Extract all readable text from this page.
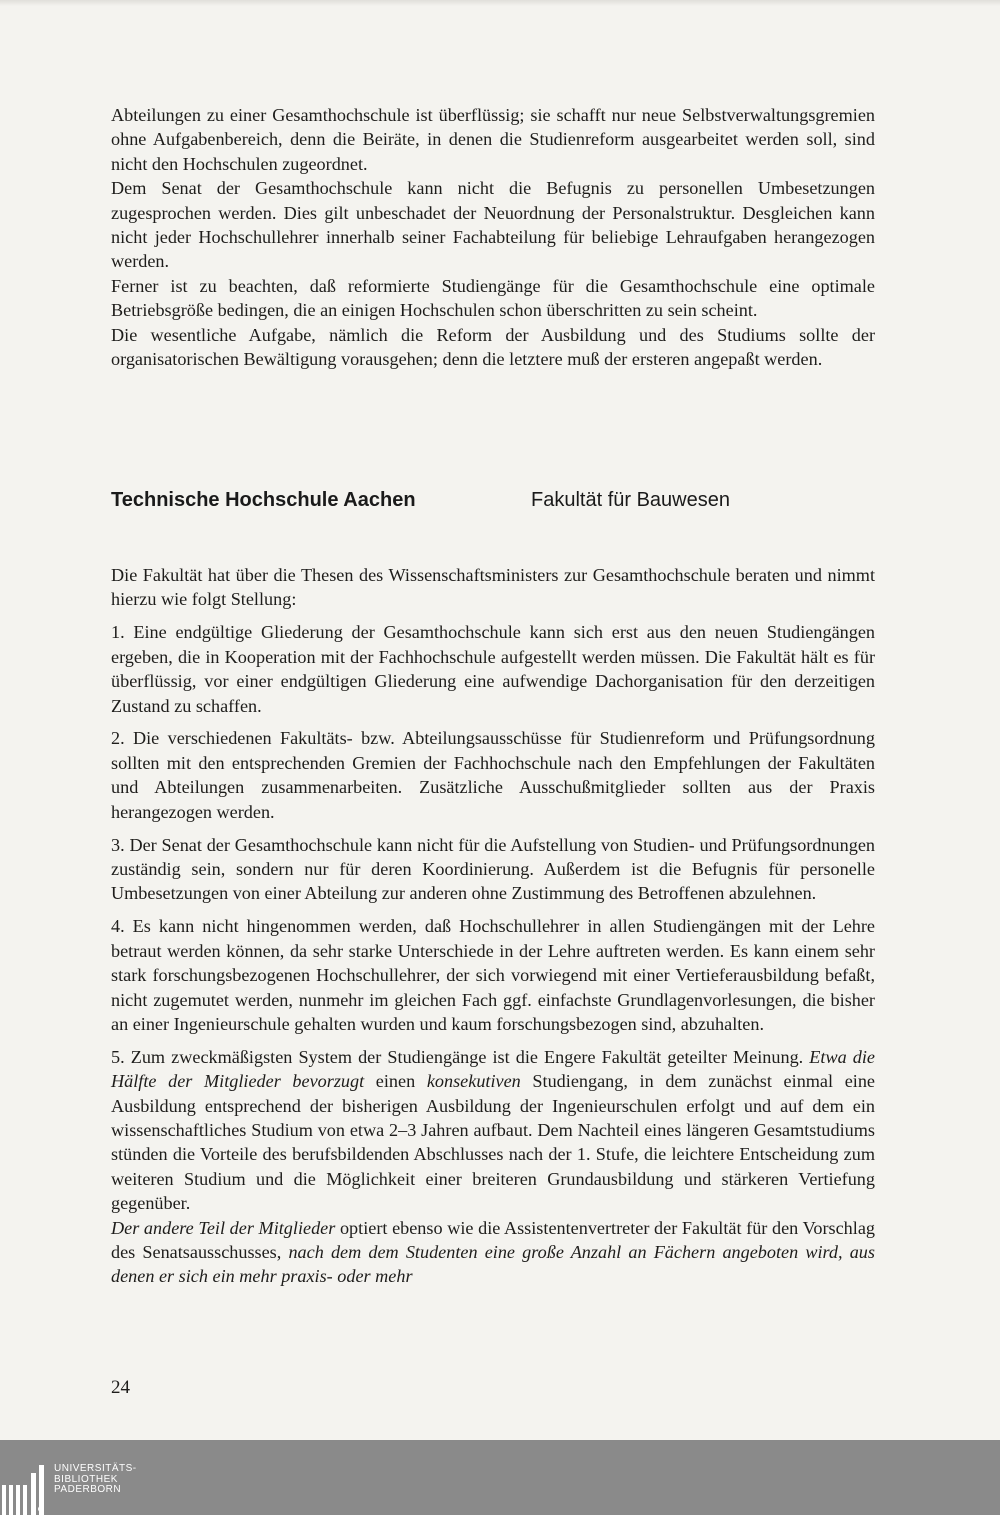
Abteilungen zu einer Gesamthochschule ist überflüssig; sie schafft nur neue Selbstverwaltungsgremien ohne Aufgabenbereich, denn die Beiräte, in denen die Studienreform ausgearbeitet werden soll, sind nicht den Hochschulen zugeordnet.

Dem Senat der Gesamthochschule kann nicht die Befugnis zu personellen Umbesetzungen zugesprochen werden. Dies gilt unbeschadet der Neuordnung der Personalstruktur. Desgleichen kann nicht jeder Hochschullehrer innerhalb seiner Fachabteilung für beliebige Lehraufgaben herangezogen werden.

Ferner ist zu beachten, daß reformierte Studiengänge für die Gesamthochschule eine optimale Betriebsgröße bedingen, die an einigen Hochschulen schon überschritten zu sein scheint.

Die wesentliche Aufgabe, nämlich die Reform der Ausbildung und des Studiums sollte der organisatorischen Bewältigung vorausgehen; denn die letztere muß der ersteren angepaßt werden.

Technische Hochschule Aachen	Fakultät für Bauwesen

Die Fakultät hat über die Thesen des Wissenschaftsministers zur Gesamthochschule beraten und nimmt hierzu wie folgt Stellung:

1. Eine endgültige Gliederung der Gesamthochschule kann sich erst aus den neuen Studiengängen ergeben, die in Kooperation mit der Fachhochschule aufgestellt werden müssen. Die Fakultät hält es für überflüssig, vor einer endgültigen Gliederung eine aufwendige Dachorganisation für den derzeitigen Zustand zu schaffen.

2. Die verschiedenen Fakultäts- bzw. Abteilungsausschüsse für Studienreform und Prüfungsordnung sollten mit den entsprechenden Gremien der Fachhochschule nach den Empfehlungen der Fakultäten und Abteilungen zusammenarbeiten. Zusätzliche Ausschußmitglieder sollten aus der Praxis herangezogen werden.

3. Der Senat der Gesamthochschule kann nicht für die Aufstellung von Studien- und Prüfungsordnungen zuständig sein, sondern nur für deren Koordinierung. Außerdem ist die Befugnis für personelle Umbesetzungen von einer Abteilung zur anderen ohne Zustimmung des Betroffenen abzulehnen.

4. Es kann nicht hingenommen werden, daß Hochschullehrer in allen Studiengängen mit der Lehre betraut werden können, da sehr starke Unterschiede in der Lehre auftreten werden. Es kann einem sehr stark forschungsbezogenen Hochschullehrer, der sich vorwiegend mit einer Vertieferausbildung befaßt, nicht zugemutet werden, nunmehr im gleichen Fach ggf. einfachste Grundlagenvorlesungen, die bisher an einer Ingenieurschule gehalten wurden und kaum forschungsbezogen sind, abzuhalten.

5. Zum zweckmäßigsten System der Studiengänge ist die Engere Fakultät geteilter Meinung. Etwa die Hälfte der Mitglieder bevorzugt einen konsekutiven Studiengang, in dem zunächst einmal eine Ausbildung entsprechend der bisherigen Ausbildung der Ingenieurschulen erfolgt und auf dem ein wissenschaftliches Studium von etwa 2–3 Jahren aufbaut. Dem Nachteil eines längeren Gesamtstudiums stünden die Vorteile des berufsbildenden Abschlusses nach der 1. Stufe, die leichtere Entscheidung zum weiteren Studium und die Möglichkeit einer breiteren Grundausbildung und stärkeren Vertiefung gegenüber.

Der andere Teil der Mitglieder optiert ebenso wie die Assistentenvertreter der Fakultät für den Vorschlag des Senatsausschusses, nach dem dem Studenten eine große Anzahl an Fächern angeboten wird, aus denen er sich ein mehr praxis- oder mehr

24
UNIVERSITÄTS-
BIBLIOTHEK
PADERBORN
